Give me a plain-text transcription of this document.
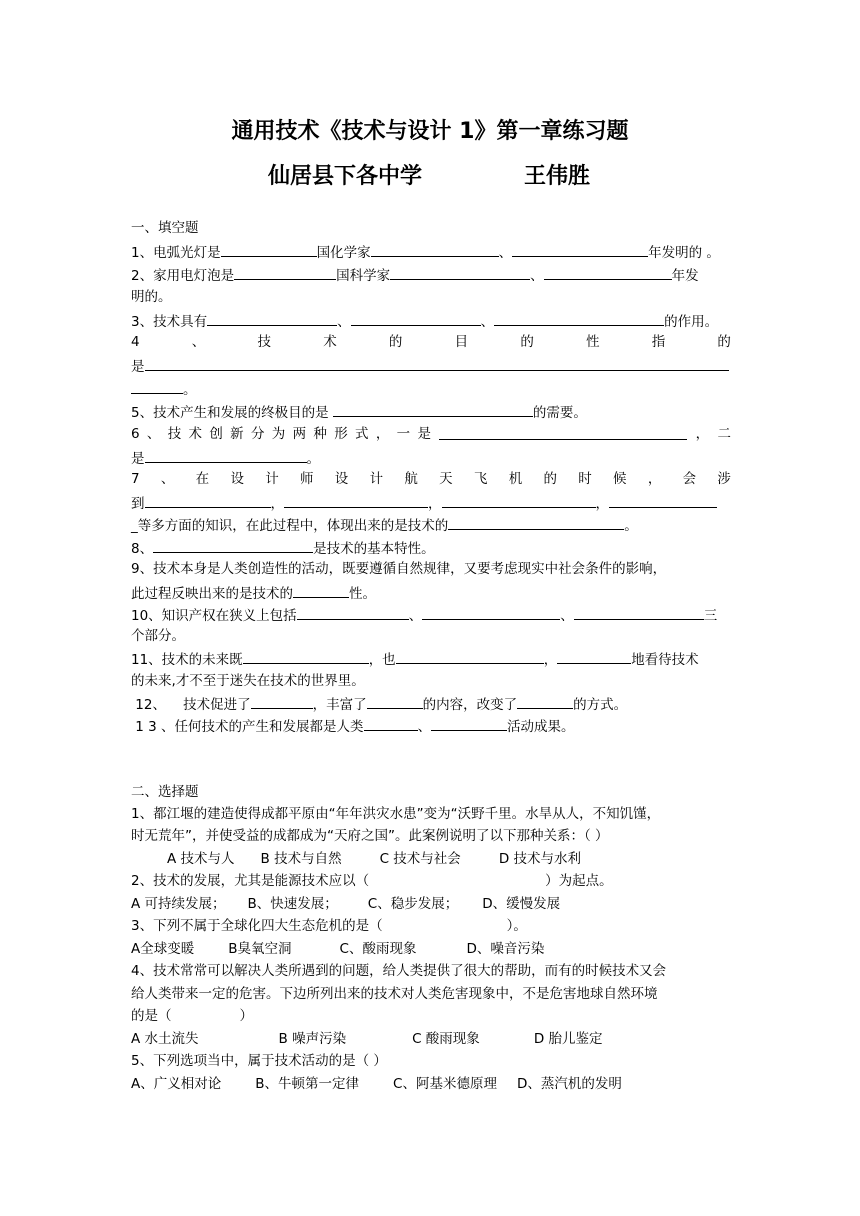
通用技术《技术与设计 1》第一章练习题
仙居县下各中学	王伟胜
一、填空题
1、电弧光灯是	国化学家	、	年发明的 。
2、家用电灯泡是	国科学家	、	年发
明的。
3、技术具有	、	、	的作用。
4	、	技	术	的	目	的	性	指	的
是
。
5、技术产生和发展的终极目的是	的需要。
6 、 技 术 创 新 分 为 两 种 形 式 ， 一 是	， 二
是	。
7 、 在 设 计 师 设 计 航 天 飞 机 的 时 候 ， 会 涉
到	，	，	，
_等多方面的知识，在此过程中，体现出来的是技术的	。
8、	是技术的基本特性。
9、技术本身是人类创造性的活动，既要遵循自然规律，又要考虑现实中社会条件的影响，
此过程反映出来的是技术的	性。
10、知识产权在狭义上包括	、	、	三
个部分。
11、技术的未来既	，也	，	地看待技术
的未来,才不至于迷失在技术的世界里。
12、    技术促进了	，丰富了	的内容，改变了	的方式。
1 3 、任何技术的产生和发展都是人类	、	活动成果。
二、选择题
1、都江堰的建造使得成都平原由“年年洪灾水患”变为“沃野千里。水旱从人，不知饥馑，
时无荒年”，并使受益的成都成为“天府之国”。此案例说明了以下那种关系：（ ）
A 技术与人 B 技术与自然	C 技术与社会	D 技术与水利
2、技术的发展，尤其是能源技术应以（	）为起点。
A 可持续发展； B、快速发展； C、稳步发展； D、缓慢发展
3、下列不属于全球化四大生态危机的是（	）。
A全球变暖	B臭氧空洞	C、酸雨现象	D、噪音污染
4、技术常常可以解决人类所遇到的问题，给人类提供了很大的帮助，而有的时候技术又会
给人类带来一定的危害。下边所列出来的技术对人类危害现象中，不是危害地球自然环境
的是（	）
A 水土流失	B 噪声污染	C 酸雨现象	D 胎儿鉴定
5、下列选项当中，属于技术活动的是（ ）
A、广义相对论	B、牛顿第一定律	C、阿基米德原理 D、蒸汽机的发明
